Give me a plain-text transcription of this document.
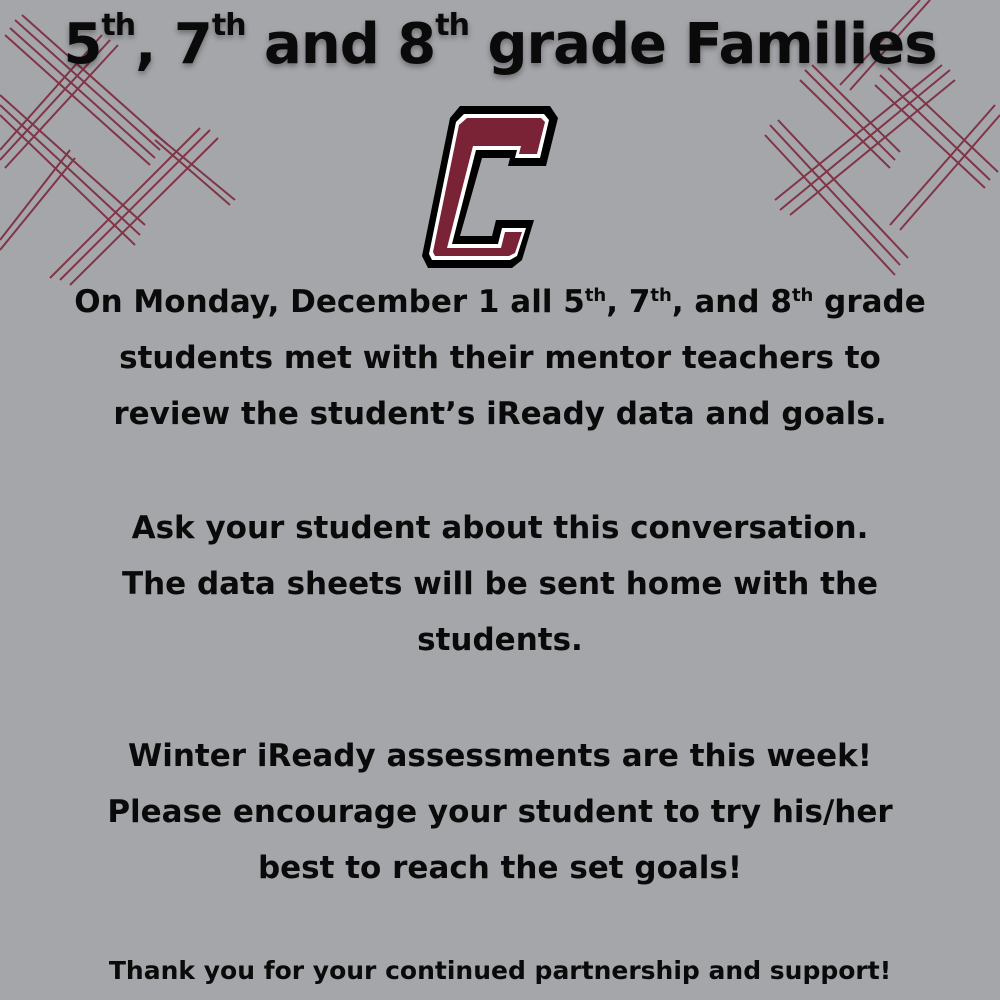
5th, 7th and 8th grade Families
On Monday, December 1 all 5th, 7th, and 8th grade
students met with their mentor teachers to
review the student’s iReady data and goals.
Ask your student about this conversation.
The data sheets will be sent home with the
students.
Winter iReady assessments are this week!
Please encourage your student to try his/her
best to reach the set goals!
Thank you for your continued partnership and support!
